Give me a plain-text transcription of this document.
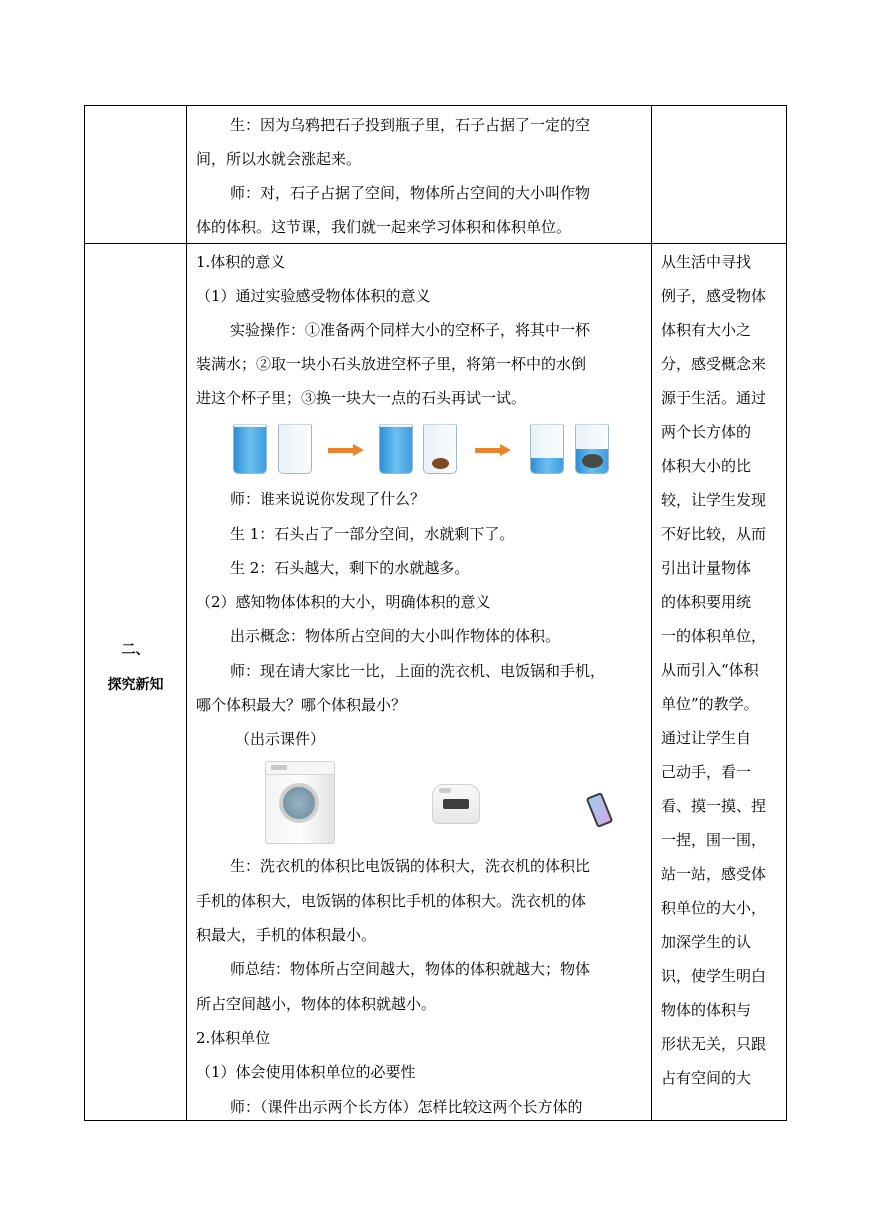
生：因为乌鸦把石子投到瓶子里，石子占据了一定的空
间，所以水就会涨起来。
师：对，石子占据了空间，物体所占空间的大小叫作物
体的体积。这节课，我们就一起来学习体积和体积单位。
二、
探究新知
1.体积的意义
（1）通过实验感受物体体积的意义
实验操作：①准备两个同样大小的空杯子，将其中一杯
装满水；②取一块小石头放进空杯子里，将第一杯中的水倒
进这个杯子里；③换一块大一点的石头再试一试。
师：谁来说说你发现了什么？
生 1：石头占了一部分空间，水就剩下了。
生 2：石头越大，剩下的水就越多。
（2）感知物体体积的大小，明确体积的意义
出示概念：物体所占空间的大小叫作物体的体积。
师：现在请大家比一比，上面的洗衣机、电饭锅和手机，
哪个体积最大？哪个体积最小？
（出示课件）
生：洗衣机的体积比电饭锅的体积大，洗衣机的体积比
手机的体积大，电饭锅的体积比手机的体积大。洗衣机的体
积最大，手机的体积最小。
师总结：物体所占空间越大，物体的体积就越大；物体
所占空间越小，物体的体积就越小。
2.体积单位
（1）体会使用体积单位的必要性
师：（课件出示两个长方体）怎样比较这两个长方体的
从生活中寻找
例子，感受物体
体积有大小之
分，感受概念来
源于生活。通过
两个长方体的
体积大小的比
较，让学生发现
不好比较，从而
引出计量物体
的体积要用统
一的体积单位，
从而引入“体积
单位”的教学。
通过让学生自
己动手，看一
看、摸一摸、捏
一捏，围一围，
站一站，感受体
积单位的大小，
加深学生的认
识，使学生明白
物体的体积与
形状无关，只跟
占有空间的大
